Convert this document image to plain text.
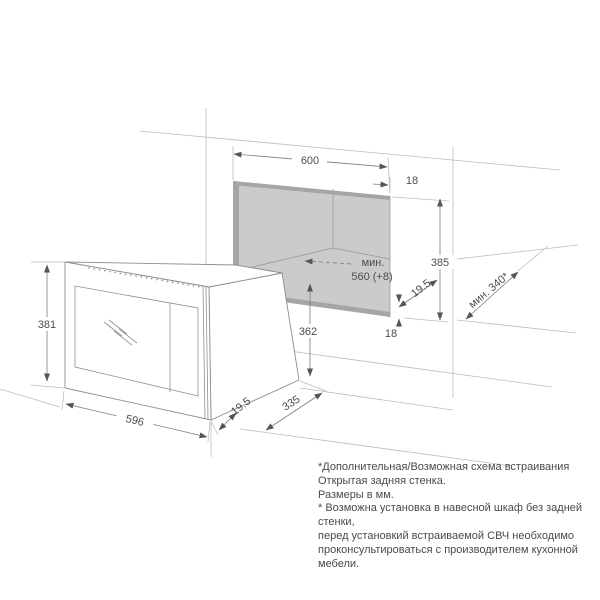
600
18
385
мин.
560 (+8)
19.5	мин. 340*
362	18
381
596
19.5 335
*Дополнительная/Возможная схема встраивания
Открытая задняя стенка.
Размеры в мм.
* Возможна установка в навесной шкаф без задней стенки,
перед установкий встраиваемой СВЧ необходимо
проконсультироваться с производителем кухонной мебели.
